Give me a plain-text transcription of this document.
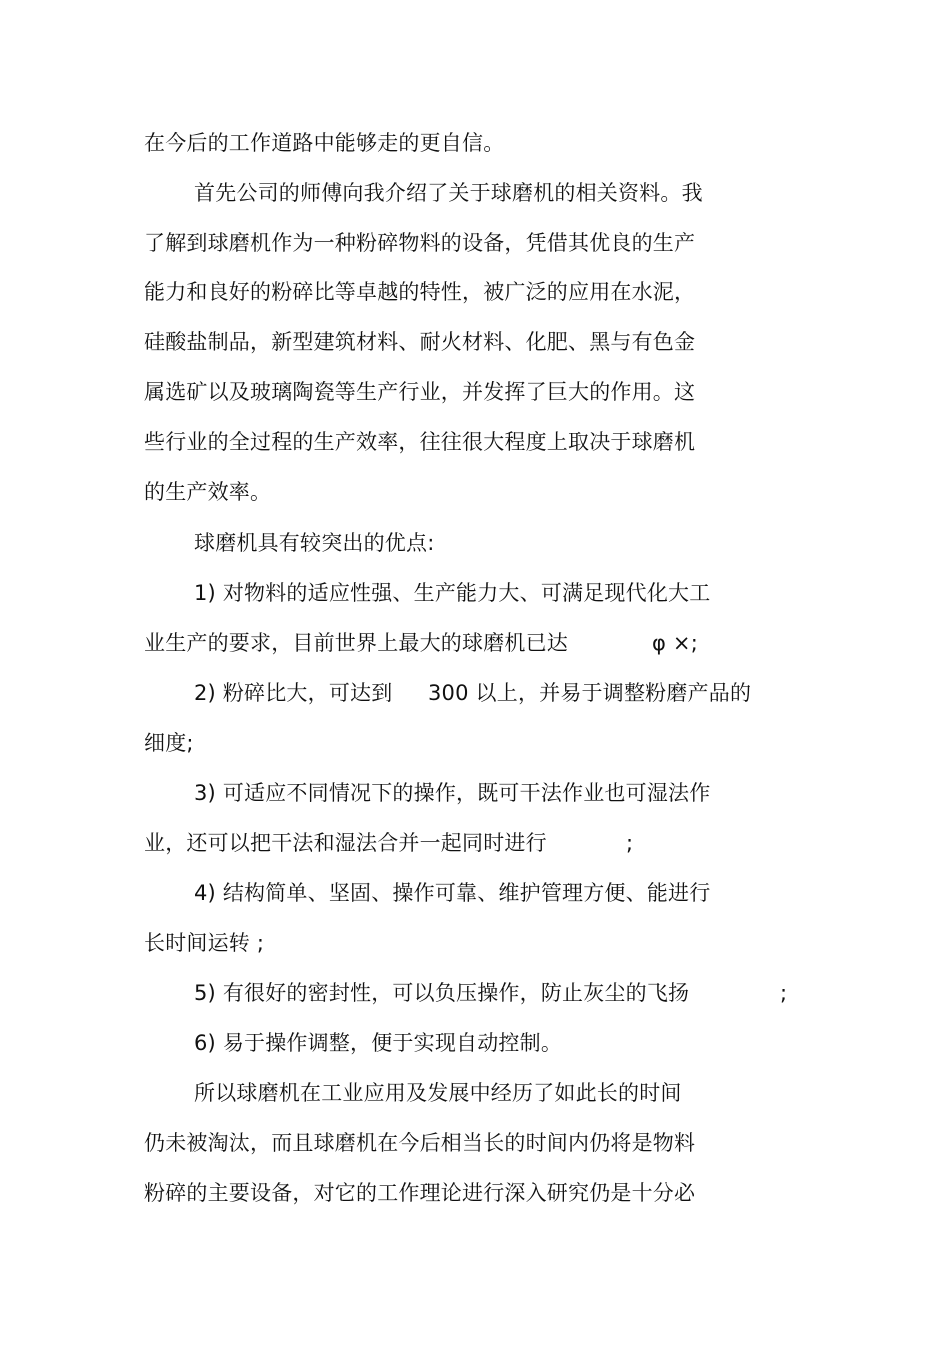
在今后的工作道路中能够走的更自信。
首先公司的师傅向我介绍了关于球磨机的相关资料。我
了解到球磨机作为一种粉碎物料的设备，凭借其优良的生产
能力和良好的粉碎比等卓越的特性，被广泛的应用在水泥，
硅酸盐制品，新型建筑材料、耐火材料、化肥、黑与有色金
属选矿以及玻璃陶瓷等生产行业，并发挥了巨大的作用。这
些行业的全过程的生产效率，往往很大程度上取决于球磨机
的生产效率。
球磨机具有较突出的优点:
1) 对物料的适应性强、生产能力大、可满足现代化大工
业生产的要求，目前世界上最大的球磨机已达	φ ×;
2) 粉碎比大，可达到 300 以上，并易于调整粉磨产品的
细度;
3) 可适应不同情况下的操作，既可干法作业也可湿法作
业，还可以把干法和湿法合并一起同时进行	;
4) 结构简单、坚固、操作可靠、维护管理方便、能进行
长时间运转 ;
5) 有很好的密封性，可以负压操作，防止灰尘的飞扬	;
6) 易于操作调整，便于实现自动控制。
所以球磨机在工业应用及发展中经历了如此长的时间
仍未被淘汰，而且球磨机在今后相当长的时间内仍将是物料
粉碎的主要设备，对它的工作理论进行深入研究仍是十分必
